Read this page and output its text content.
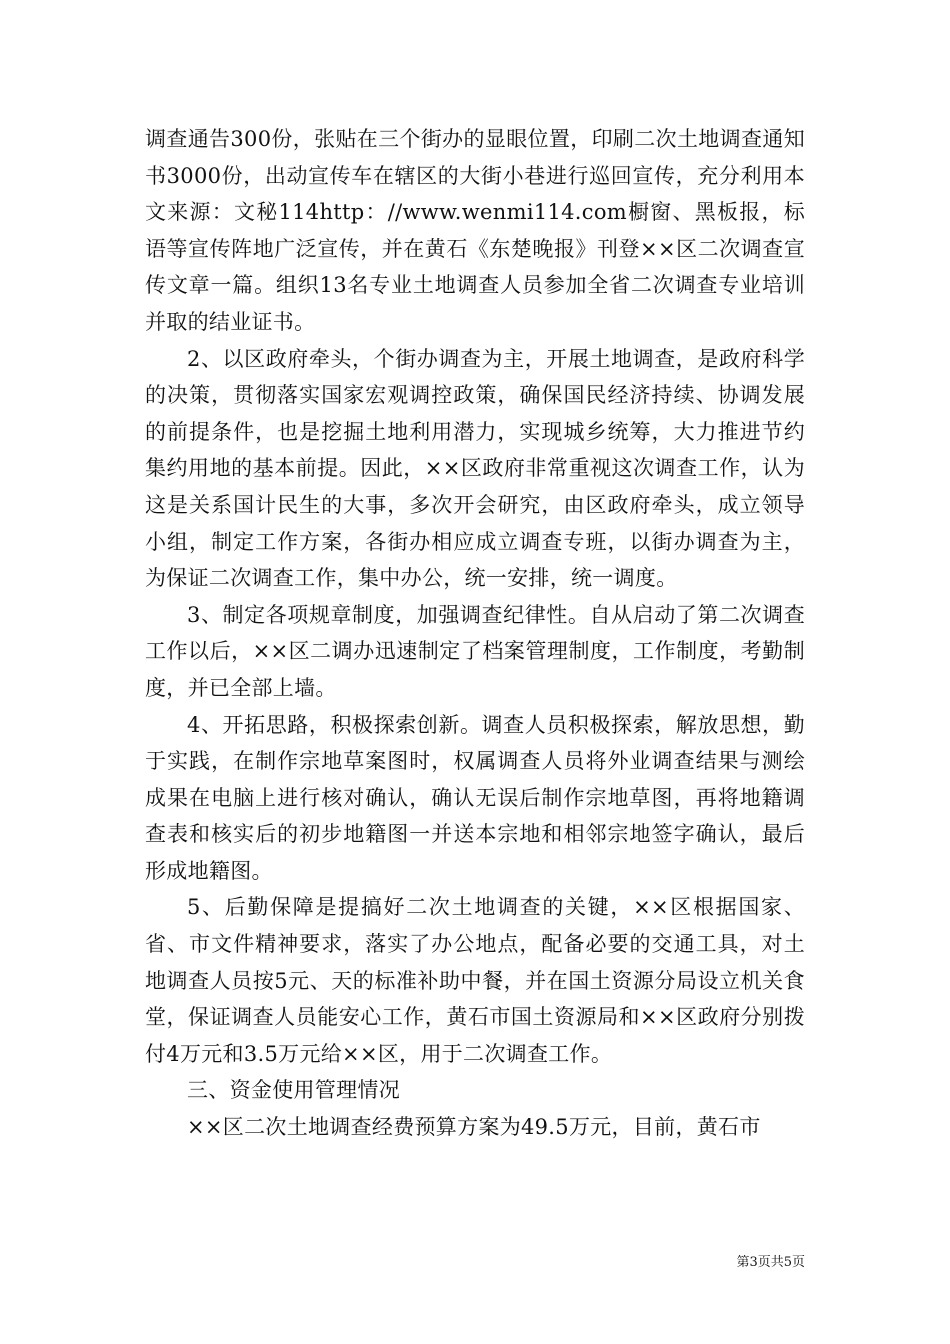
调查通告300份，张贴在三个街办的显眼位置，印刷二次土地调查通知书3000份，出动宣传车在辖区的大街小巷进行巡回宣传，充分利用本文来源：文秘114http：//www.wenmi114.com橱窗、黑板报，标语等宣传阵地广泛宣传，并在黄石《东楚晚报》刊登××区二次调查宣传文章一篇。组织13名专业土地调查人员参加全省二次调查专业培训并取的结业证书。

2、以区政府牵头，个街办调查为主，开展土地调查，是政府科学的决策，贯彻落实国家宏观调控政策，确保国民经济持续、协调发展的前提条件，也是挖掘土地利用潜力，实现城乡统筹，大力推进节约集约用地的基本前提。因此，××区政府非常重视这次调查工作，认为这是关系国计民生的大事，多次开会研究，由区政府牵头，成立领导小组，制定工作方案，各街办相应成立调查专班，以街办调查为主，为保证二次调查工作，集中办公，统一安排，统一调度。

3、制定各项规章制度，加强调查纪律性。自从启动了第二次调查工作以后，××区二调办迅速制定了档案管理制度，工作制度，考勤制度，并已全部上墙。

4、开拓思路，积极探索创新。调查人员积极探索，解放思想，勤于实践，在制作宗地草案图时，权属调查人员将外业调查结果与测绘成果在电脑上进行核对确认，确认无误后制作宗地草图，再将地籍调查表和核实后的初步地籍图一并送本宗地和相邻宗地签字确认，最后形成地籍图。

5、后勤保障是提搞好二次土地调查的关键，××区根据国家、省、市文件精神要求，落实了办公地点，配备必要的交通工具，对土地调查人员按5元、天的标准补助中餐，并在国土资源分局设立机关食堂，保证调查人员能安心工作，黄石市国土资源局和××区政府分别拨付4万元和3.5万元给××区，用于二次调查工作。

三、资金使用管理情况

××区二次土地调查经费预算方案为49.5万元，目前，黄石市

第3页共5页
